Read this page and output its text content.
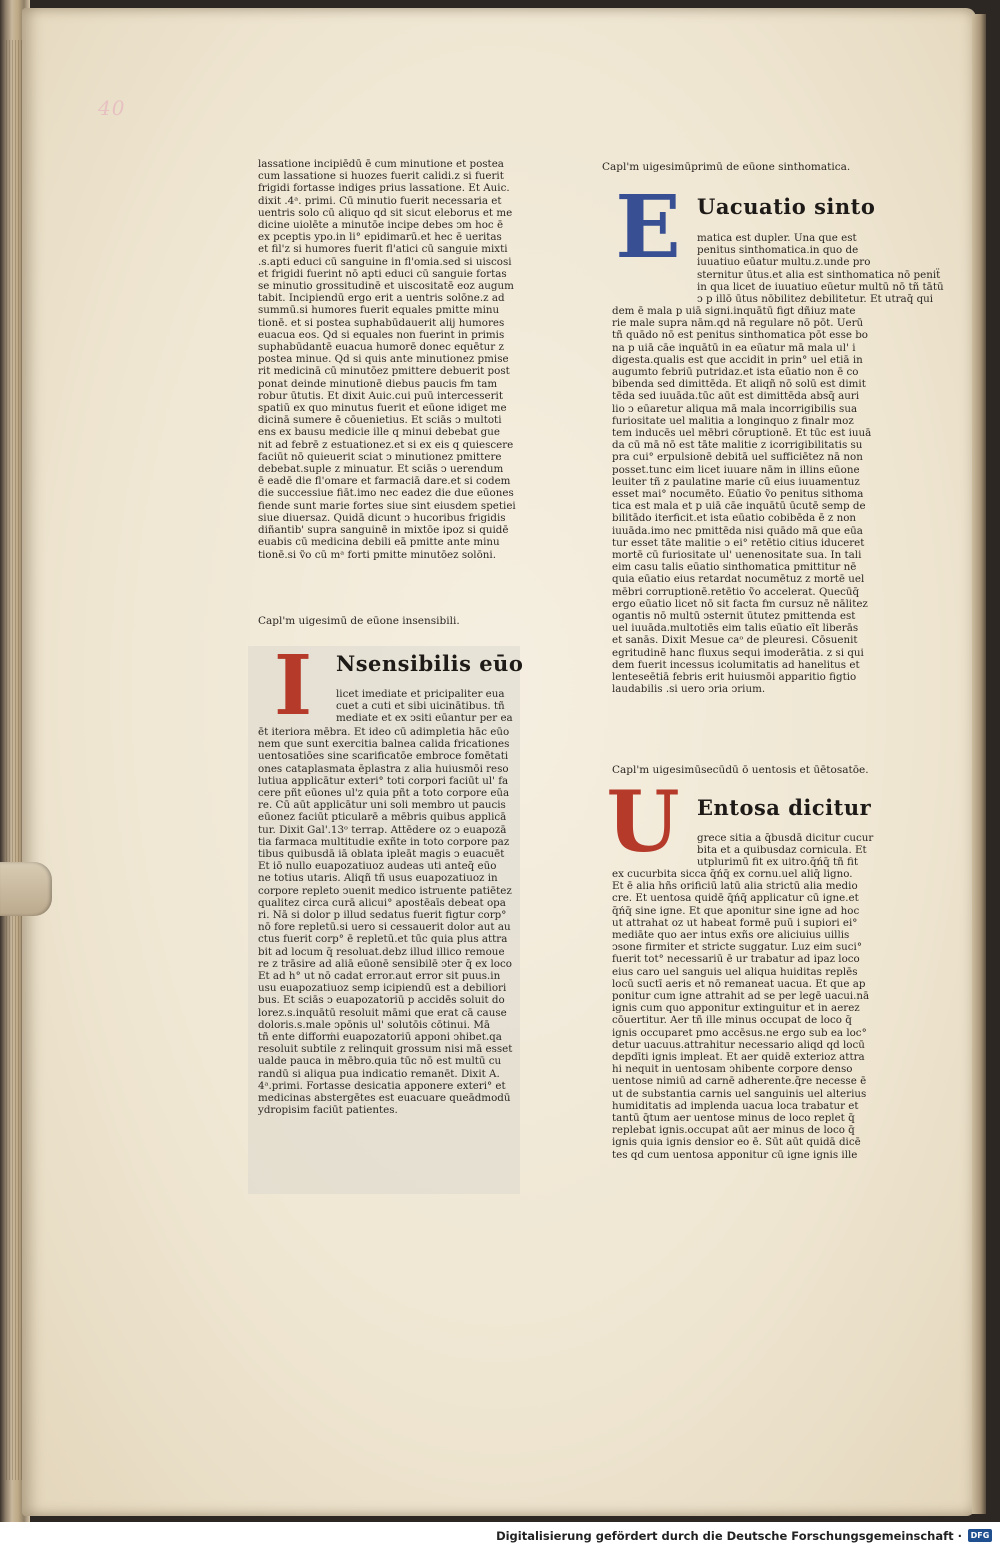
40

lassatione incipiēdū ē cum minutione et postea

cum lassatione si huozes fuerit calidi.z si fuerit

frigidi fortasse indiges prius lassatione. Et Auic.

dixit .4ᵃ. primi. Cū minutio fuerit necessaria et

uentris solo cū aliquo qd sit sicut eleborus et me

dicine uiolēte a minutōe incipe debes ↄm hoc ē

ex pceptis ypo.in li° epidimarū.et hec ē ueritas

et fil'z si humores fuerit fl'atici cū sanguie mixti

.s.apti educi cū sanguine in fl'omia.sed si uiscosi

et frigidi fuerint nō apti educi cū sanguie fortas

se minutio grossitudinē et uiscositatē eoz augum

tabit. Incipiendū ergo erit a uentris solōne.z ad

summū.si humores fuerit equales pmitte minu

tionē. et si postea suphabūdauerit alij humores

euacua eos. Qd si equales non fuerint in primis

suphabūdantē euacua humorē donec equētur z

postea minue. Qd si quis ante minutionez pmise

rit medicinā cū minutōez pmittere debuerit post

ponat deinde minutionē diebus paucis fm tam

robur ūtutis. Et dixit Auic.cui puū intercesserit

spatiū ex quo minutus fuerit et eūone idiget me

dicinā sumere ē cōuenietius. Et sciās ↄ multoti

ens ex bausu medicie ille q minui debebat gue

nit ad febrē z estuationez.et si ex eis q quiescere

faciūt nō quieuerit sciat ↄ minutionez pmittere

debebat.suple z minuatur. Et sciās ↄ uerendum

ē eadē die fl'omare et farmaciā dare.et si codem

die successiue fiāt.imo nec eadez die due eūones

fiende sunt marie fortes siue sint eiusdem spetiei

siue diuersaz. Quidā dicunt ↄ hucoribus frigidis

diñantib' supra sanguinē in mixtōe ipoz si quidē

euabis cū medicina debili eā pmitte ante minu

tionē.si ṽo cū mᵃ forti pmitte minutōez solōni.

Capl'm uigesimū de eūone insensibili.
I	Nsensibilis eūo

licet imediate et pricipaliter eua

cuet a cuti et sibi uicinātibus. tñ

mediate et ex ↄsiti eūantur per ea

ēt iteriora mēbra. Et ideo cū adimpletia hāc eūo

nem que sunt exercitia balnea calida fricationes

uentosatiōes sine scarificatōe embroce fomētati

ones cataplasmata ēplastra z alia huiusmōi reso

lutiua applicātur exteri° toti corpori faciūt ul' fa

cere pñt eūones ul'z quia pñt a toto corpore eūa

re. Cū aūt applicātur uni soli membro ut paucis

eūonez faciūt pticularē a mēbris quibus applicā

tur. Dixit Gal'.13ᵒ terrap. Attēdere oz ↄ euapozā

tia farmaca multitudie exñte in toto corpore paz

tibus quibusdā iā oblata ipleāt magis ↄ euacuēt

Et iō nullo euapozatiuoz audeas uti anteq̄ eūo

ne totius utaris. Aliqñ tñ usus euapozatiuoz in

corpore repleto ↄuenit medico istruente patiētez

qualitez circa curā alicui° apostēaīs debeat opa

ri. Nā si dolor p illud sedatus fuerit figtur corp°

nō fore repletū.si uero si cessauerit dolor aut au

ctus fuerit corp° ē repletū.et tūc quia plus attra

bit ad locum q̄ resoluat.debz illud illico remoue

re z trāsire ad aliā eūonē sensibilē ↄter q̄ ex loco

Et ad h° ut nō cadat error.aut error sit puus.in

usu euapozatiuoz semp icipiendū est a debiliori

bus. Et sciās ↄ euapozatoriū p accidēs soluit do

lorez.s.inquātū resoluit māmi que erat cā cause

doloris.s.male ↄpōnis ul' solutōis cōtinui. Mā

tñ ente difforṁi euapozatoriū apponi ↄhibet.qa

resoluit subtile z relinquit grossum nisi mā esset

ualde pauca in mēbro.quia tūc nō est multū cu

randū si aliqua pua indicatio remanēt. Dixit A.

4ᵃ.primi. Fortasse desicatia apponere exteri° et

medicinas abstergētes est euacuare queādmodū

ydropisim faciūt patientes.

Capl'm uigesimūprimū de eūone sinthomatica.
E Uacuatio sinto

matica est dupler. Una que est

penitus sinthomatica.in quo de

iuuatiuo eūatur multu.z.unde pro

sternitur ūtus.et alia est sinthomatica nō peniẗ

in qua licet de iuuatiuo eūetur multū nō tñ tātū

ↄ p illō ūtus nōbilitez debilitetur. Et utraq̄ qui

dem ē mala p uiā signi.inquātū figt dñiuz mate

rie male supra nām.qd nā regulare nō pōt. Uerū

tñ quādo nō est penitus sinthomatica pōt esse bo

na p uiā cāe inquātū in ea eūatur mā mala ul' i

digesta.qualis est que accidit in prin° uel etiā in

augumto febriū putridaz.et ista eūatio non ē co

bibenda sed dimittēda. Et aliqñ nō solū est dimit

tēda sed iuuāda.tūc aūt est dimittēda absq̄ auri

lio ↄ eūaretur aliqua mā mala incorrigibilis sua

furiositate uel malitia a longinquo z finalr moz

tem inducēs uel mēbri cōruptionē. Et tūc est iuuā

da cū mā nō est tāte malitie z icorrigibilitatis su

pra cui° erpulsionē debitā uel sufficiētez nā non

posset.tunc eim licet iuuare nām in illins eūone

leuiter tñ z paulatine marie cū eius iuuamentuz

esset mai° nocumēto. Eūatio ṽo penitus sithoma

tica est mala et p uiā cāe inquātū ūcutē semp de

bilitādo iterficit.et ista eūatio cobibēda ē z non

iuuāda.imo nec pmittēda nisi quādo mā que eūa

tur esset tāte malitie ↄ ei° retētio citius iduceret

mortē cū furiositate ul' uenenositate sua. In tali

eim casu talis eūatio sinthomatica pmittitur nē

quia eūatio eius retardat nocumētuz z mortē uel

mēbri corruptionē.retētio ṽo accelerat. Quecūq̄

ergo eūatio licet nō sit facta fm cursuz nē nālitez

ogantis nō multū ↄsternit ūtutez pmittenda est

uel iuuāda.multotiēs eim talis eūatio eīt liberās

et sanās. Dixit Mesue caᵒ de pleuresi. Cōsuenit

egritudinē hanc fluxus sequi imoderātia. z si qui

dem fuerit incessus icolumitatis ad hanelitus et

lenteseētiā febris erit huiusmōi apparitio figtio

laudabilis .si uero ↄria ↄrium.

Capl'm uigesimūsecūdū ō uentosis et ūētosatōe.
U Entosa dicitur

grece sitia a q̄busdā dicitur cucur

bita et a quibusdaz cornicula. Et

utplurimū fit ex uitro.q̄ńq̄ tñ fit

ex cucurbita sicca q̄ńq̄ ex cornu.uel aliq̄ ligno.

Et ē alia hñs orificiū latū alia strictū alia medio

cre. Et uentosa quidē q̄ńq̄ applicatur cū igne.et

q̄ńq̄ sine igne. Et que aponitur sine igne ad hoc

ut attrahat oz ut habeat formē puū i supiori ei°

mediāte quo aer intus exñs ore aliciuius uillis

ↄsone firmiter et stricte suggatur. Luz eim suci°

fuerit tot° necessariū ē ur trabatur ad ipaz loco

eius caro uel sanguis uel aliqua huiditas replēs

locū suctī aeris et nō remaneat uacua. Et que ap

ponitur cum igne attrahit ad se per legē uacui.nā

ignis cum quo apponitur extinguitur et in aerez

cōuertitur. Aer tñ ille minus occupat de loco q̄

ignis occuparet pmo accēsus.ne ergo sub ea loc°

detur uacuus.attrahitur necessario aliqd qd locū

depdīti ignis impleat. Et aer quidē exterioz attra

hi nequit in uentosam ↄhibente corpore denso

uentose nimiū ad carnē adherente.q̄re necesse ē

ut de substantia carnis uel sanguinis uel alterius

humiditatis ad implenda uacua loca trabatur et

tantū q̄tum aer uentose minus de loco replet q̄

replebat ignis.occupat aūt aer minus de loco q̄

ignis quia ignis densior eo ē. Sūt aūt quidā dicē

tes qd cum uentosa apponitur cū igne ignis ille

Digitalisierung gefördert durch die Deutsche Forschungsgemeinschaft ·	DFG
